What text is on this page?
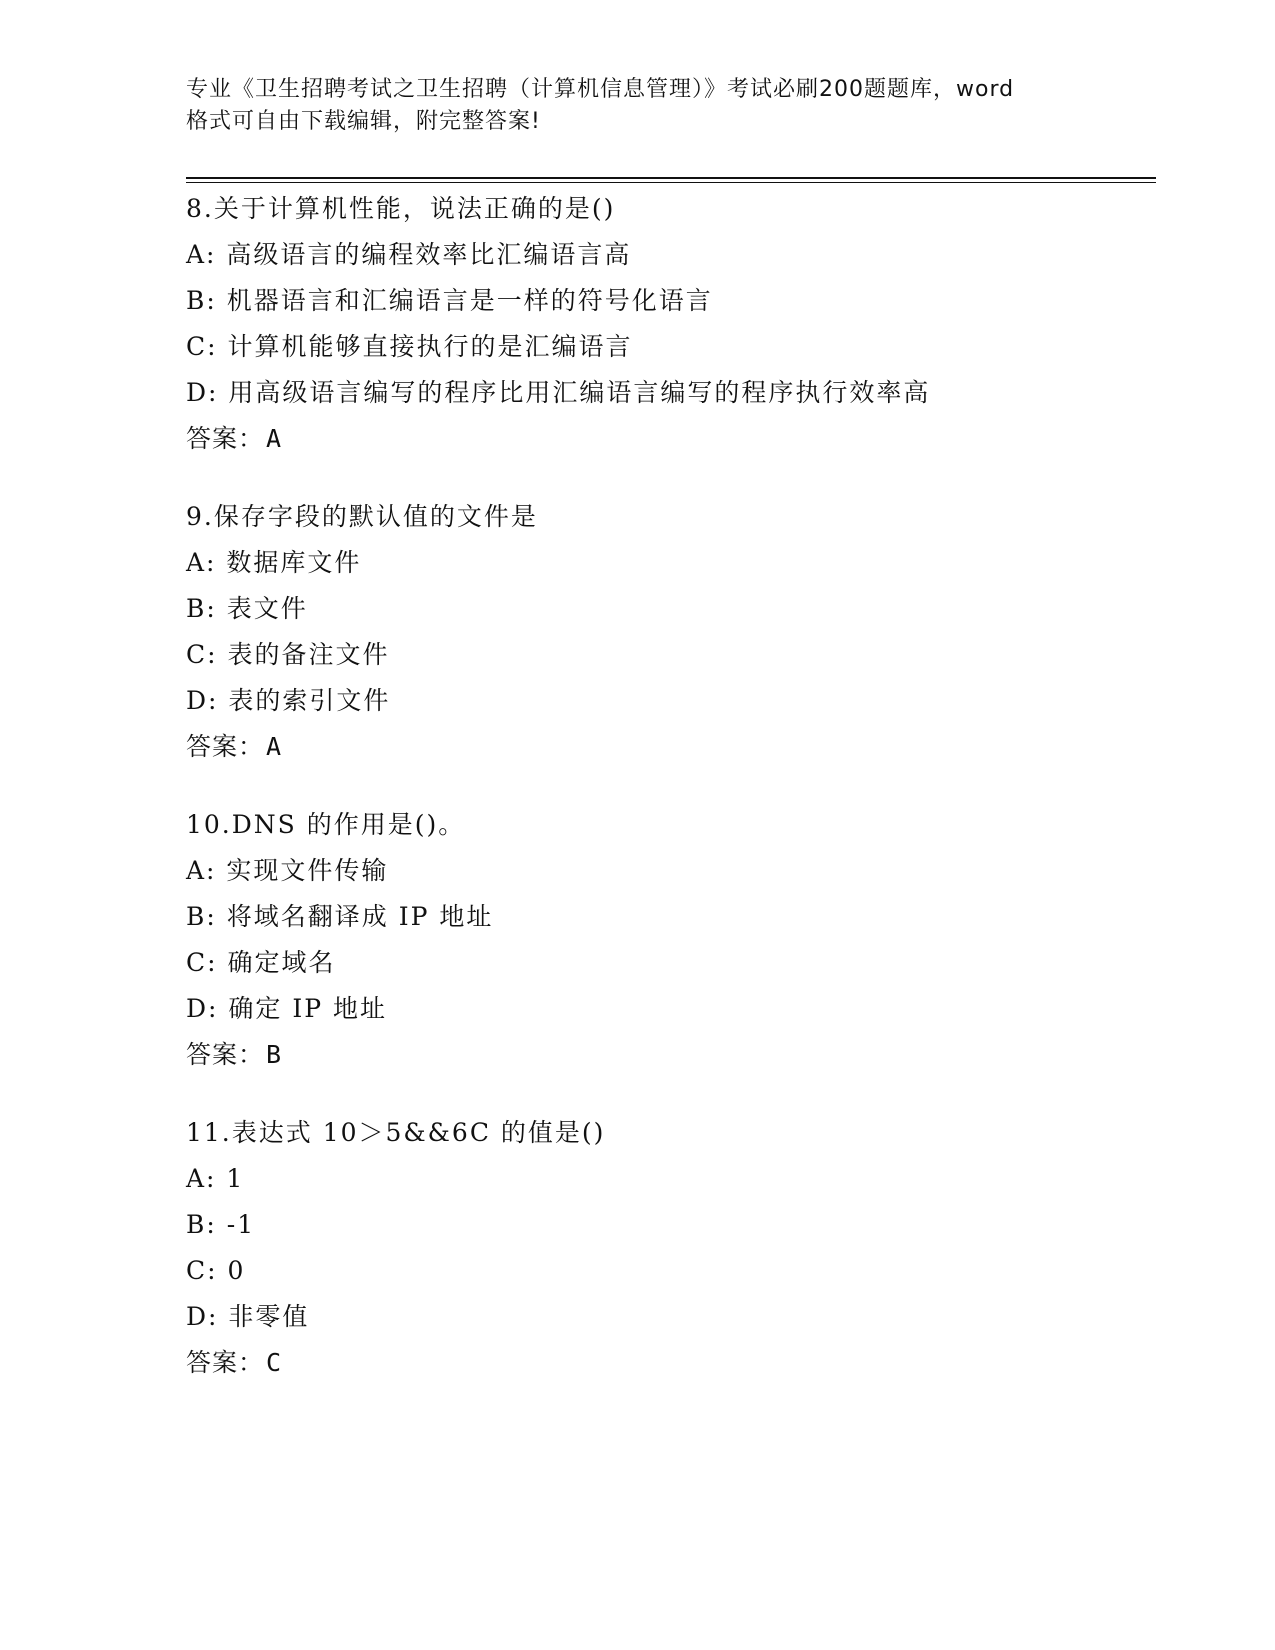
专业《卫生招聘考试之卫生招聘（计算机信息管理）》考试必刷200题题库，word
格式可自由下载编辑，附完整答案!
8.关于计算机性能，说法正确的是()
A: 高级语言的编程效率比汇编语言高
B: 机器语言和汇编语言是一样的符号化语言
C: 计算机能够直接执行的是汇编语言
D: 用高级语言编写的程序比用汇编语言编写的程序执行效率高
答案：A
9.保存字段的默认值的文件是
A: 数据库文件
B: 表文件
C: 表的备注文件
D: 表的索引文件
答案：A
10.DNS 的作用是()。
A: 实现文件传输
B: 将域名翻译成 IP 地址
C: 确定域名
D: 确定 IP 地址
答案：B
11.表达式 10＞5&&6C 的值是()
A: 1
B: -1
C: 0
D: 非零值
答案：C
